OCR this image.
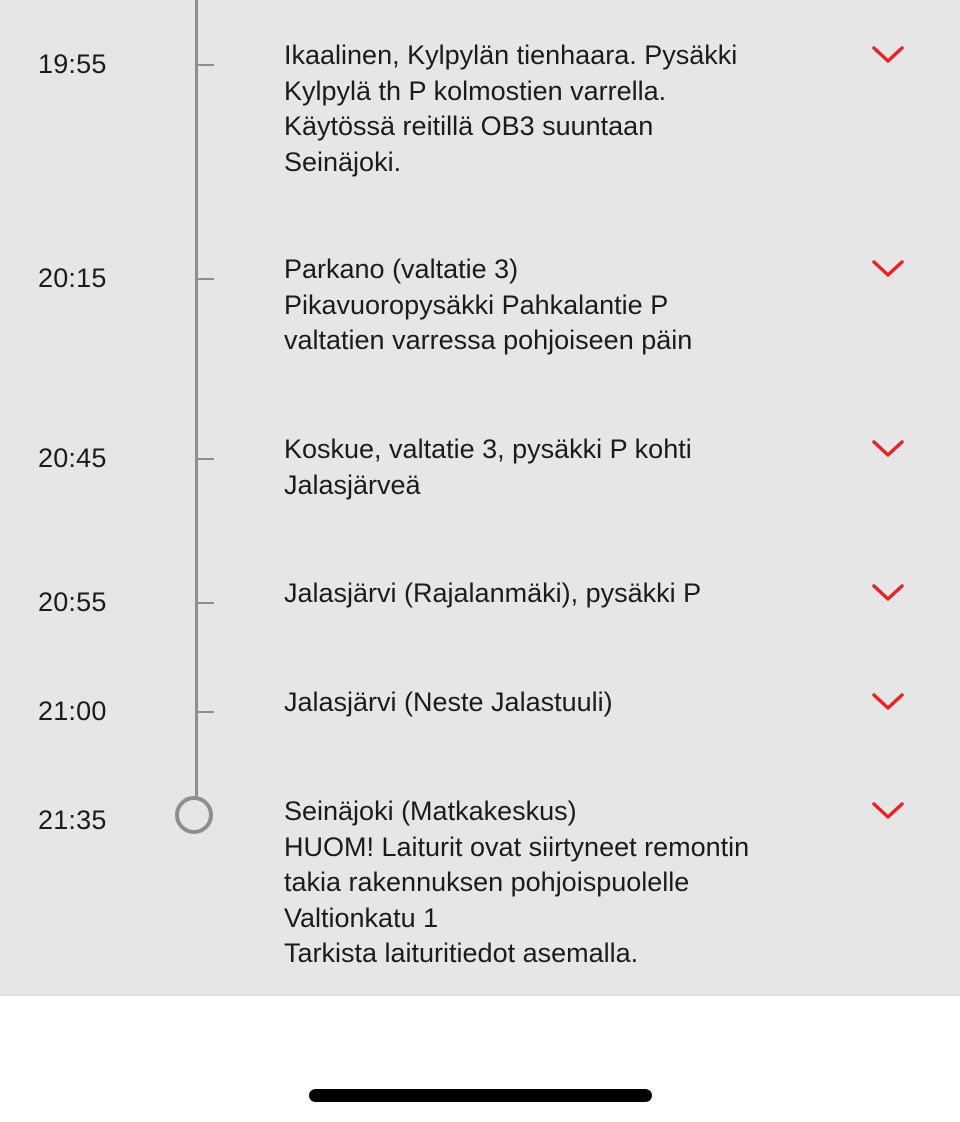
19:55	Ikaalinen, Kylpylän tienhaara. Pysäkki
Kylpylä th P kolmostien varrella.
Käytössä reitillä OB3 suuntaan
Seinäjoki.
20:15	Parkano (valtatie 3)
Pikavuoropysäkki Pahkalantie P
valtatien varressa pohjoiseen päin
20:45	Koskue, valtatie 3, pysäkki P kohti
Jalasjärveä
20:55	Jalasjärvi (Rajalanmäki), pysäkki P
21:00	Jalasjärvi (Neste Jalastuuli)
21:35	Seinäjoki (Matkakeskus)
HUOM! Laiturit ovat siirtyneet remontin
takia rakennuksen pohjoispuolelle
Valtionkatu 1
Tarkista laituritiedot asemalla.
